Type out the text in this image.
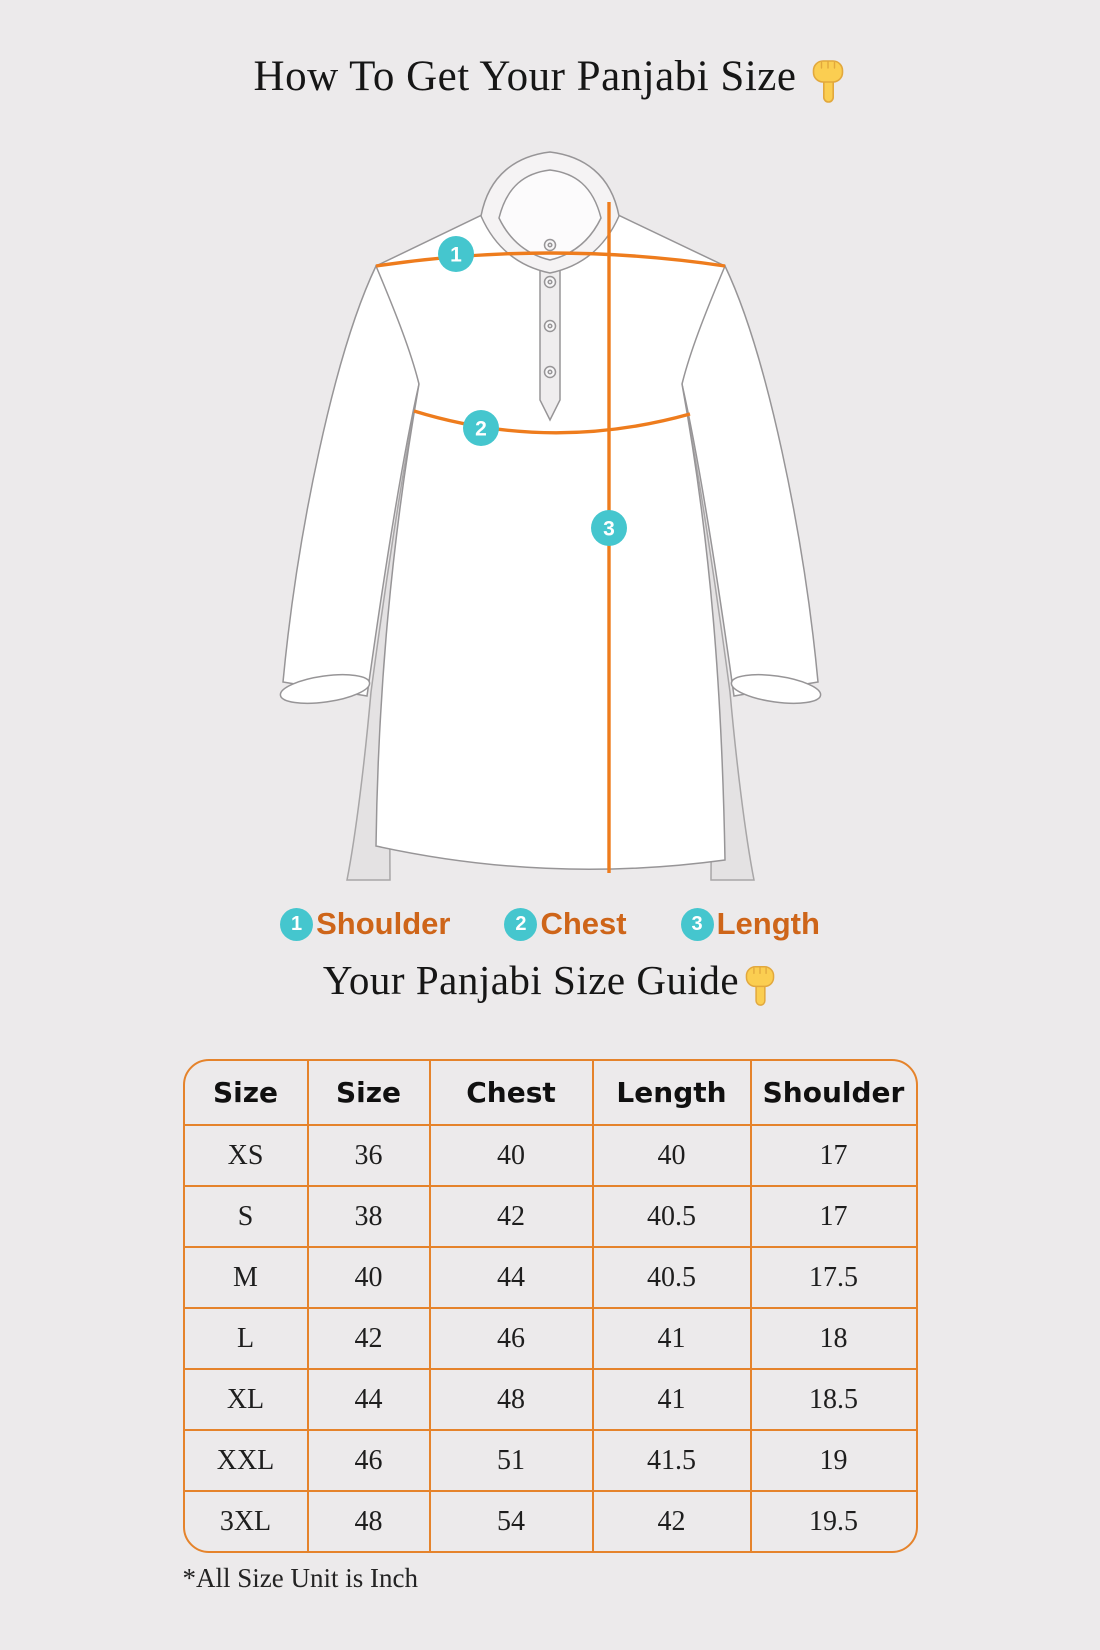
How To Get Your Panjabi Size
1
2
3
1 Shoulder	2 Chest	3 Length
Your Panjabi Size Guide
Size	Size	Chest	Length	Shoulder
XS	36	40	40	17
S	38	42	40.5	17
M	40	44	40.5	17.5
L	42	46	41	18
XL	44	48	41	18.5
XXL	46	51	41.5	19
3XL	48	54	42	19.5
*All Size Unit is Inch
